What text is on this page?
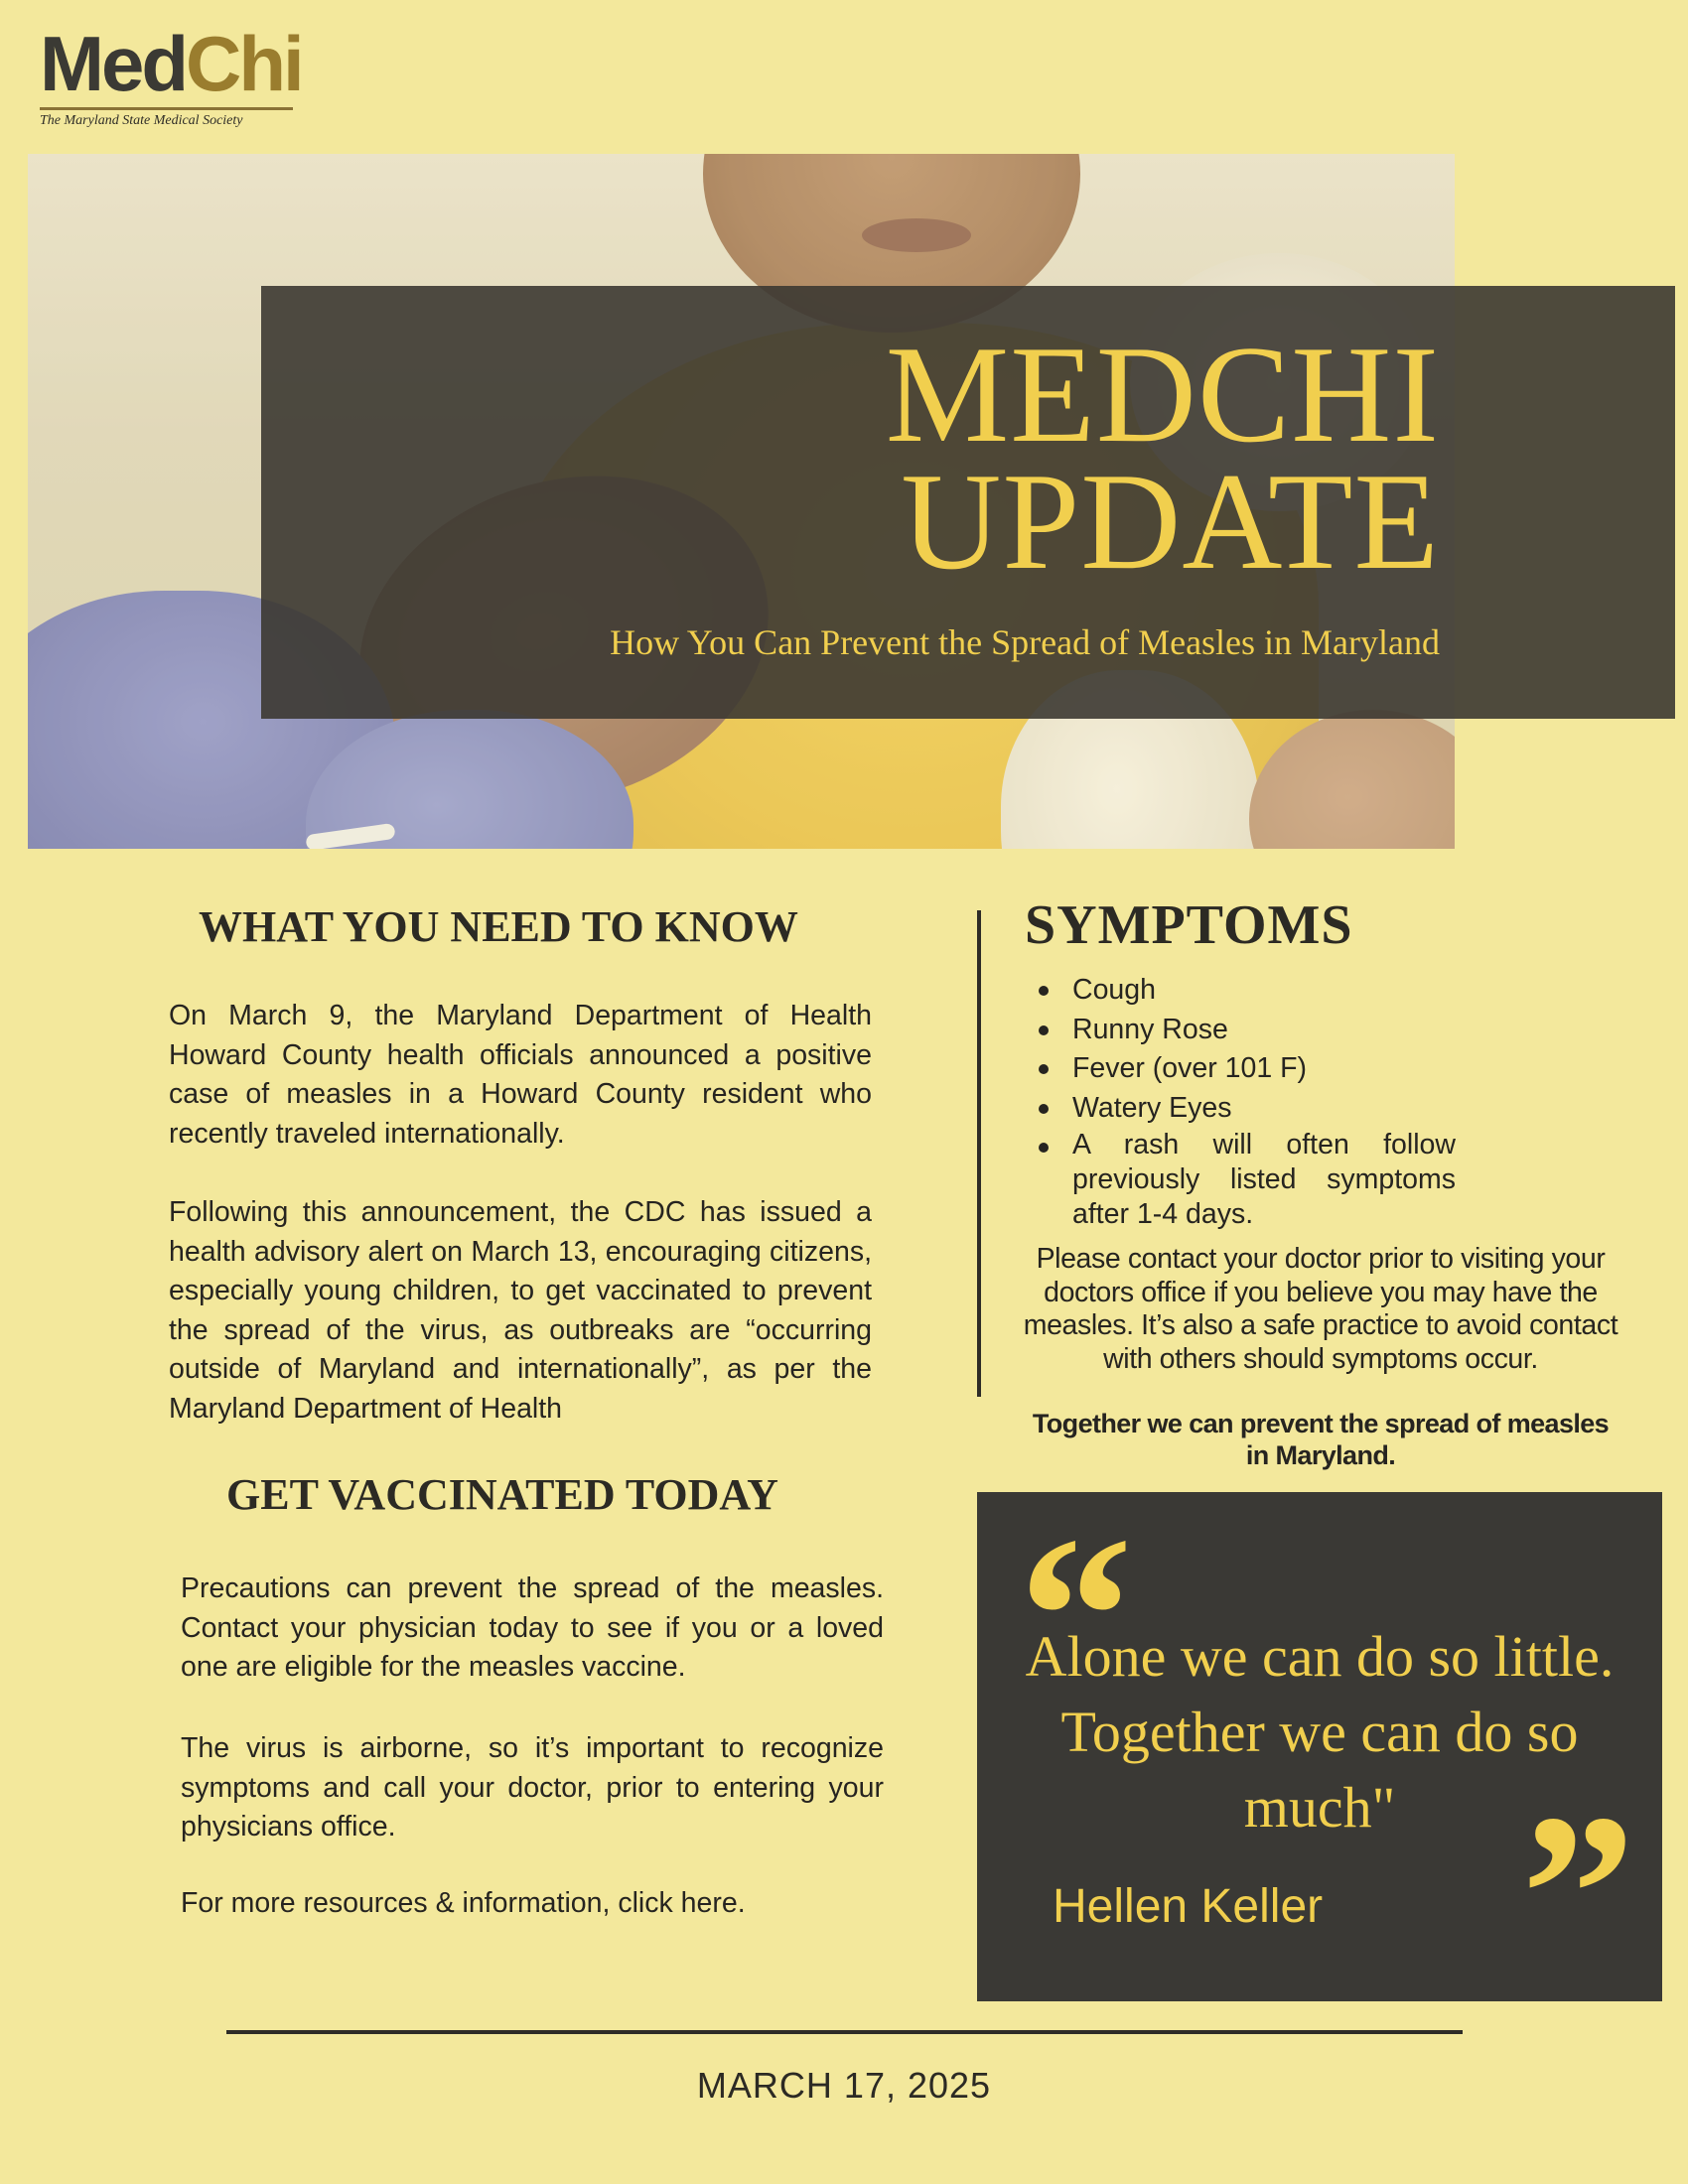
MedChi
The Maryland State Medical Society
MEDCHI
UPDATE
How You Can Prevent the Spread of Measles in Maryland
WHAT YOU NEED TO KNOW
On March 9, the Maryland Department of Health Howard County health officials announced a positive case of measles in a Howard County resident who recently traveled internationally.
Following this announcement, the CDC has issued a health advisory alert on March 13, encouraging citizens, especially young children, to get vaccinated to prevent the spread of the virus, as outbreaks are “occurring outside of Maryland and internationally”, as per the Maryland Department of Health
GET VACCINATED TODAY
Precautions can prevent the spread of the measles. Contact your physician today to see if you or a loved one are eligible for the measles vaccine.
The virus is airborne, so it’s important to recognize symptoms and call your doctor, prior to entering your physicians office.
For more resources & information, click here.
SYMPTOMS
Cough
Runny Rose
Fever (over 101 F)
Watery Eyes
A rash will often follow previously listed symptoms after 1-4 days.
Please contact your doctor prior to visiting your doctors office if you believe you may have the measles. It’s also a safe practice to avoid contact with others should symptoms occur.
Together we can prevent the spread of measles in Maryland.
“
Alone we can do so little. Together we can do so much"
Hellen Keller ”
MARCH 17, 2025
